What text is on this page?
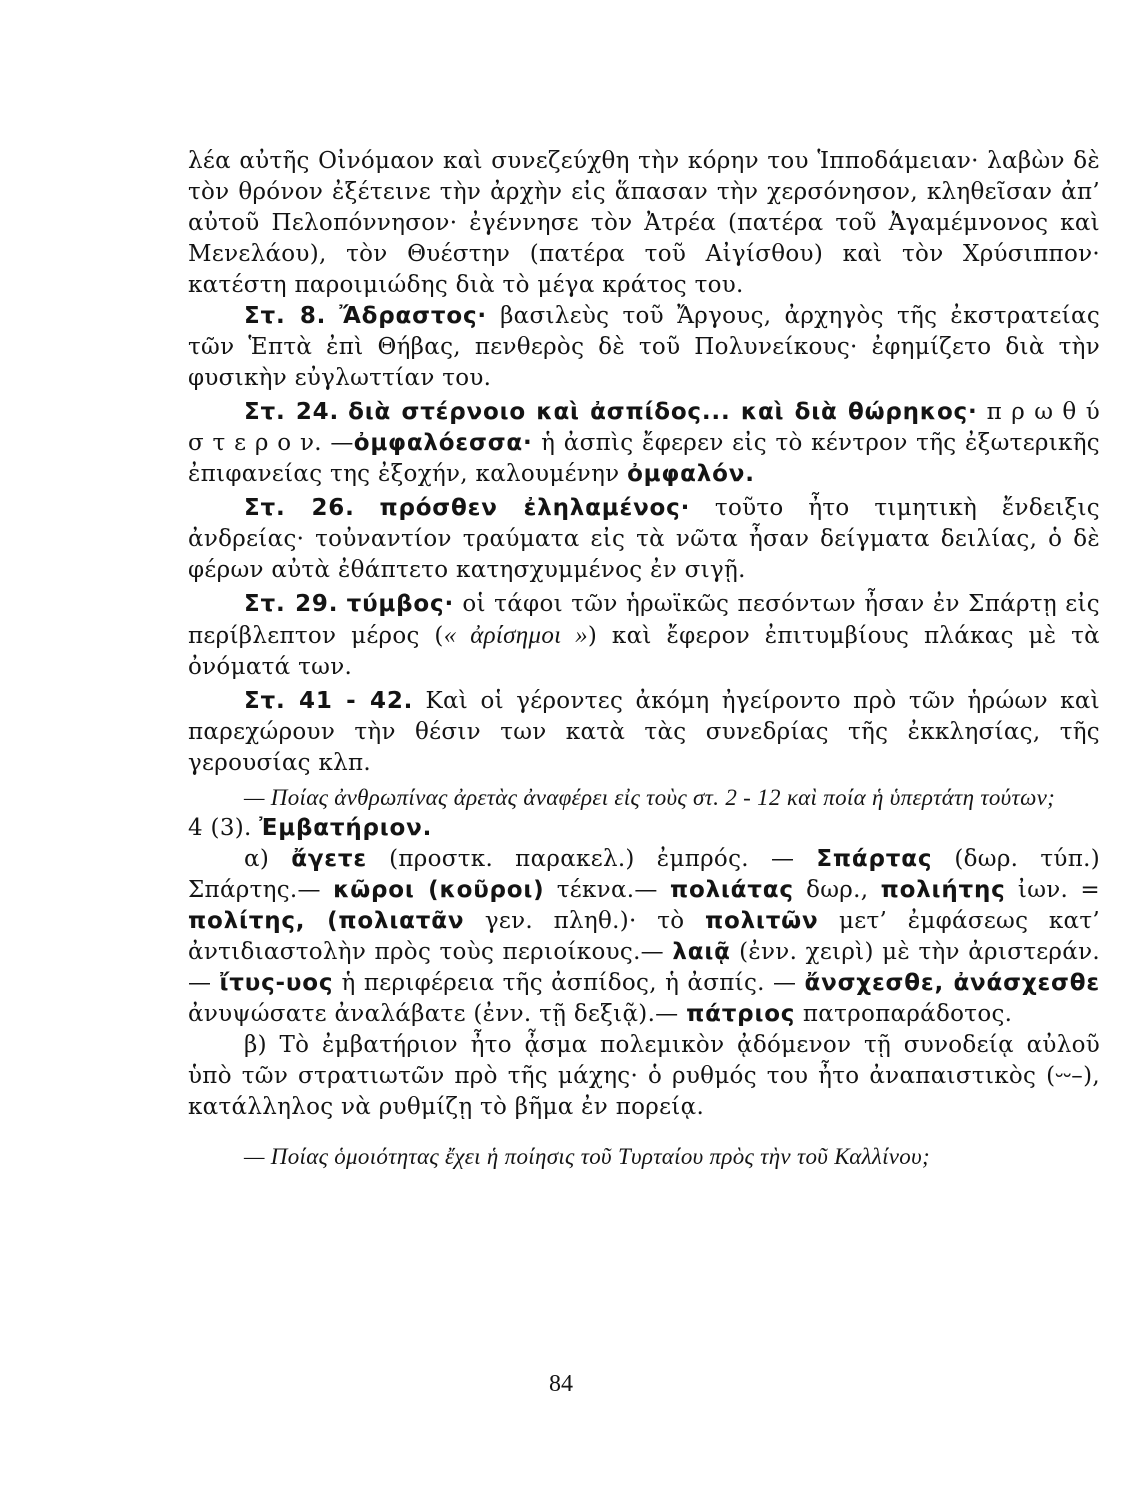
λέα αὐτῆς Οἰνόμαον καὶ συνεζεύχθη τὴν κόρην του Ἱπποδάμειαν· λαβὼν δὲ τὸν θρόνον ἐξέτεινε τὴν ἀρχὴν εἰς ἅπασαν τὴν χερσόνησον, κληθεῖσαν ἀπ’ αὐτοῦ Πελοπόννησον· ἐγέννησε τὸν Ἀτρέα (πατέρα τοῦ Ἀγαμέμνονος καὶ Μενελάου), τὸν Θυέστην (πατέρα τοῦ Αἰγίσθου) καὶ τὸν Χρύσιππον· κατέστη παροιμιώδης διὰ τὸ μέγα κράτος του.

Στ. 8. Ἄδραστος· βασιλεὺς τοῦ Ἄργους, ἀρχηγὸς τῆς ἐκστρατείας τῶν Ἑπτὰ ἐπὶ Θήβας, πενθερὸς δὲ τοῦ Πολυνείκους· ἐφημίζετο διὰ τὴν φυσικὴν εὐγλωττίαν του.

Στ. 24. διὰ στέρνοιο καὶ ἀσπίδος... καὶ διὰ θώρηκος· π ρ ω θ ύ σ τ ε ρ ο ν. —ὀμφαλόεσσα· ἡ ἀσπὶς ἔφερεν εἰς τὸ κέντρον τῆς ἐξωτερικῆς ἐπιφανείας της ἐξοχήν, καλουμένην ὀμφαλόν.

Στ. 26. πρόσθεν ἐληλαμένος· τοῦτο ἦτο τιμητικὴ ἔνδειξις ἀνδρείας· τοὐναντίον τραύματα εἰς τὰ νῶτα ἦσαν δείγματα δειλίας, ὁ δὲ φέρων αὐτὰ ἐθάπτετο κατησχυμμένος ἐν σιγῇ.

Στ. 29. τύμβος· οἱ τάφοι τῶν ἡρωϊκῶς πεσόντων ἦσαν ἐν Σπάρτῃ εἰς περίβλεπτον μέρος (« ἀρίσημοι ») καὶ ἔφερον ἐπιτυμβίους πλάκας μὲ τὰ ὀνόματά των.

Στ. 41 - 42. Καὶ οἱ γέροντες ἀκόμη ἠγείροντο πρὸ τῶν ἡρώων καὶ παρεχώρουν τὴν θέσιν των κατὰ τὰς συνεδρίας τῆς ἐκκλησίας, τῆς γερουσίας κλπ.

— Ποίας ἀνθρωπίνας ἀρετὰς ἀναφέρει εἰς τοὺς στ. 2 - 12 καὶ ποία ἡ ὑπερτάτη τούτων;

4 (3). Ἐμβατήριον.

α) ἄγετε (προστκ. παρακελ.) ἐμπρός. — Σπάρτας (δωρ. τύπ.) Σπάρτης.— κῶροι (κοῦροι) τέκνα.— πολιάτας δωρ., πολιήτης ἰων. = πολίτης, (πολιατᾶν γεν. πληθ.)· τὸ πολιτῶν μετ’ ἐμφάσεως κατ’ ἀντιδιαστολὴν πρὸς τοὺς περιοίκους.— λαιᾷ (ἐνν. χειρὶ) μὲ τὴν ἀριστεράν.— ἴτυς-υος ἡ περιφέρεια τῆς ἀσπίδος, ἡ ἀσπίς. — ἄνσχεσθε, ἀνάσχεσθε ἀνυψώσατε ἀναλάβατε (ἐνν. τῇ δεξιᾷ).— πάτριος πατροπαράδοτος.

β) Τὸ ἐμβατήριον ἦτο ᾆσμα πολεμικὸν ᾀδόμενον τῇ συνοδείᾳ αὐλοῦ ὑπὸ τῶν στρατιωτῶν πρὸ τῆς μάχης· ὁ ρυθμός του ἦτο ἀναπαιστικὸς (⏑⏑–), κατάλληλος νὰ ρυθμίζῃ τὸ βῆμα ἐν πορείᾳ.

— Ποίας ὁμοιότητας ἔχει ἡ ποίησις τοῦ Τυρταίου πρὸς τὴν τοῦ Καλλίνου;

84
